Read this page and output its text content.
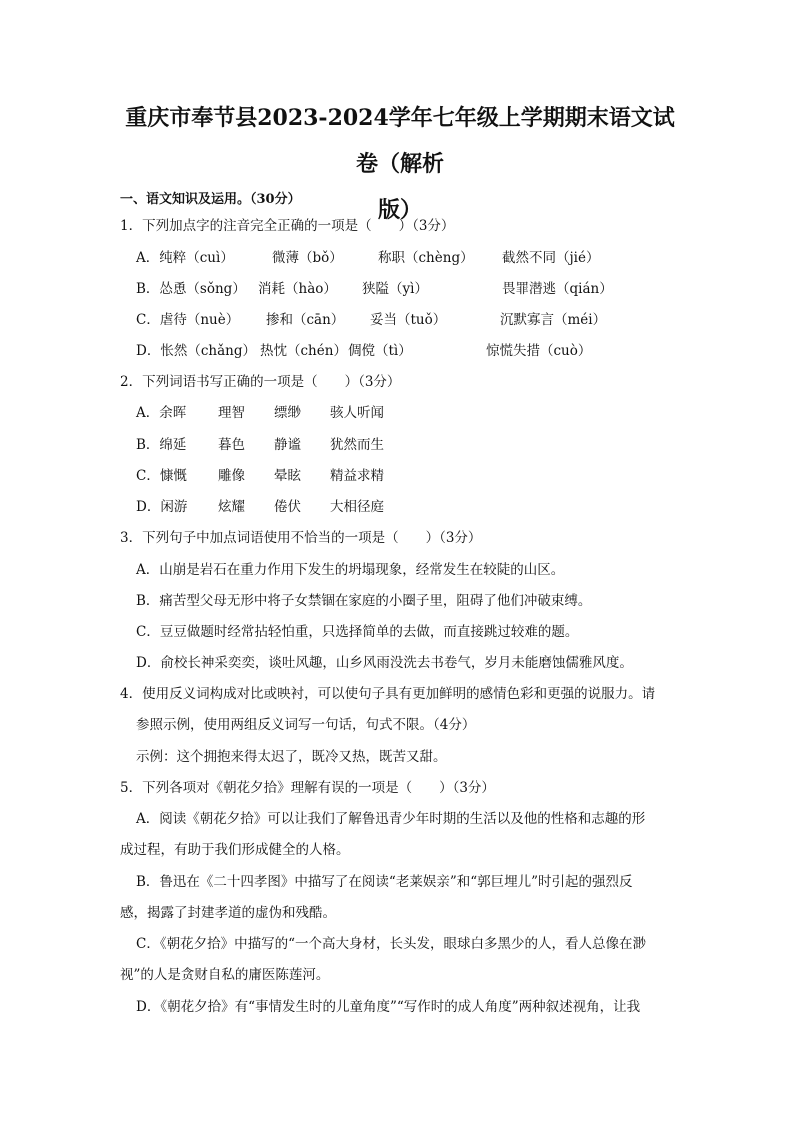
重庆市奉节县2023-2024学年七年级上学期期末语文试卷（解析
版）
一、语文知识及运用。（30分）
1．下列加点字的注音完全正确的一项是（　　）（3分）
A．纯粹（cuì）	微薄（bǒ）	称职（chèng） 截然不同（jié）
B．怂恿（sǒng） 消耗（hào） 狭隘（yì）	畏罪潜逃（qián）
C．虐待（nuè） 掺和（cān） 妥当（tuǒ）	沉默寡言（méi）
D．怅然（chǎng） 热忱（chén） 倜傥（tì）	惊慌失措（cuò）
2．下列词语书写正确的一项是（　　）（3分）
A．余晖 理智 缥缈 骇人听闻
B．绵延 暮色 静谧 犹然而生
C．慷慨 雕像 晕眩 精益求精
D．闲游 炫耀 倦伏 大相径庭
3．下列句子中加点词语使用不恰当的一项是（　　）（3分）
A．山崩是岩石在重力作用下发生的坍塌现象，经常发生在较陡的山区。
B．痛苦型父母无形中将子女禁锢在家庭的小圈子里，阻碍了他们冲破束缚。
C．豆豆做题时经常拈轻怕重，只选择简单的去做，而直接跳过较难的题。
D．俞校长神采奕奕，谈吐风趣，山乡风雨没洗去书卷气，岁月未能磨蚀儒雅风度。
4．使用反义词构成对比或映衬，可以使句子具有更加鲜明的感情色彩和更强的说服力。请
参照示例，使用两组反义词写一句话，句式不限。（4分）
示例：这个拥抱来得太迟了，既冷又热，既苦又甜。
5．下列各项对《朝花夕拾》理解有误的一项是（　　）（3分）
A．阅读《朝花夕拾》可以让我们了解鲁迅青少年时期的生活以及他的性格和志趣的形
成过程，有助于我们形成健全的人格。
B．鲁迅在《二十四孝图》中描写了在阅读“老莱娱亲”和“郭巨埋儿”时引起的强烈反
感，揭露了封建孝道的虚伪和残酷。
C．《朝花夕拾》中描写的“一个高大身材，长头发，眼球白多黑少的人，看人总像在渺
视”的人是贪财自私的庸医陈莲河。
D．《朝花夕拾》有“事情发生时的儿童角度”“写作时的成人角度”两种叙述视角，让我
